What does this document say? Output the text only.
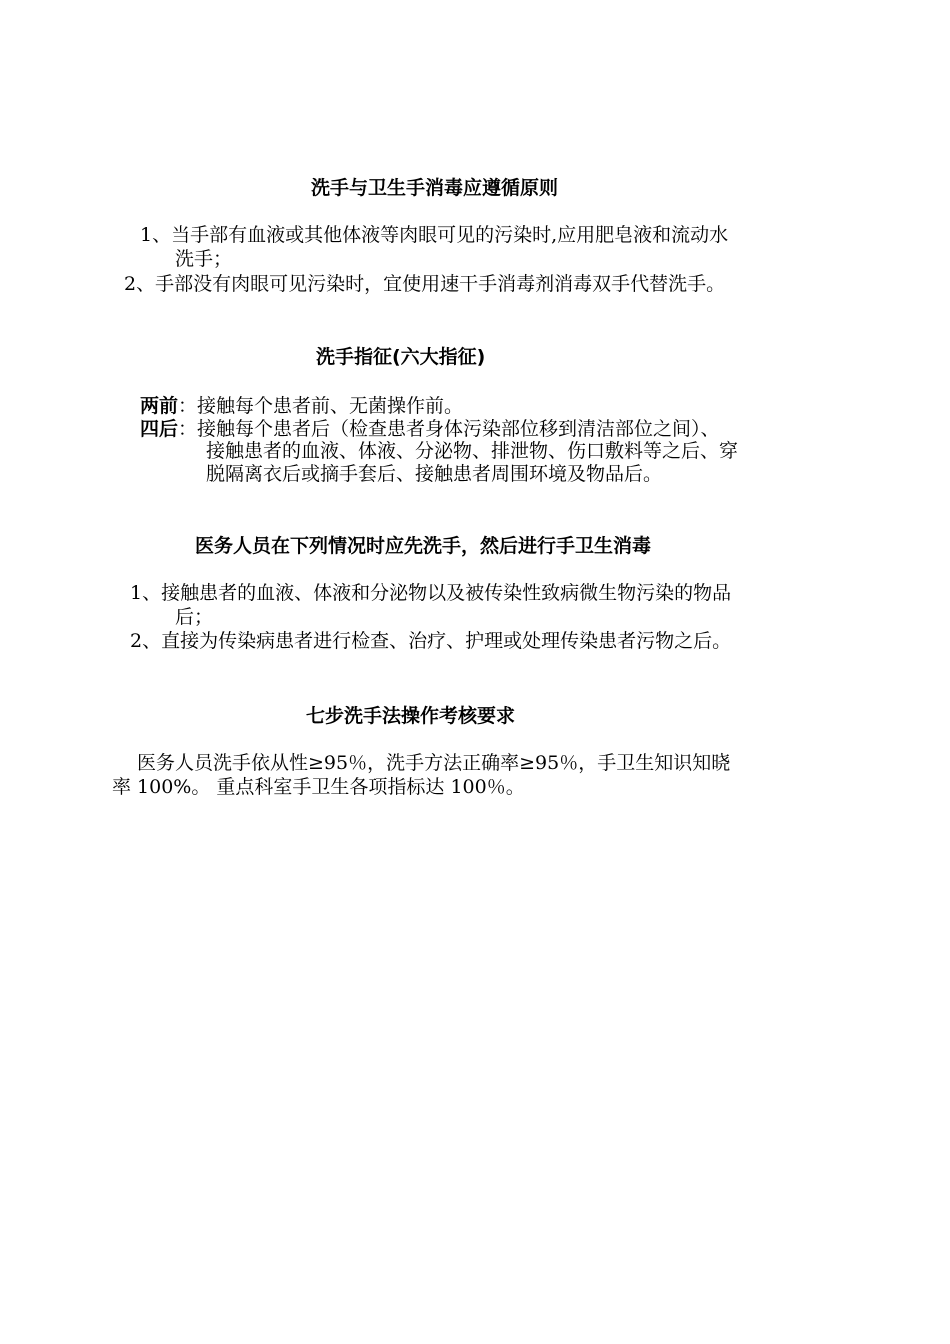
洗手与卫生手消毒应遵循原则
1、当手部有血液或其他体液等肉眼可见的污染时,应用肥皂液和流动水
洗手；
2、手部没有肉眼可见污染时，宜使用速干手消毒剂消毒双手代替洗手。
洗手指征(六大指征)
两前：接触每个患者前、无菌操作前。
四后：接触每个患者后（检查患者身体污染部位移到清洁部位之间）、
接触患者的血液、体液、分泌物、排泄物、伤口敷料等之后、穿
脱隔离衣后或摘手套后、接触患者周围环境及物品后。
医务人员在下列情况时应先洗手，然后进行手卫生消毒
1、接触患者的血液、体液和分泌物以及被传染性致病微生物污染的物品
后；
2、直接为传染病患者进行检查、治疗、护理或处理传染患者污物之后。
七步洗手法操作考核要求
医务人员洗手依从性≥95％，洗手方法正确率≥95％，手卫生知识知晓
率 100%。 重点科室手卫生各项指标达 100％。
